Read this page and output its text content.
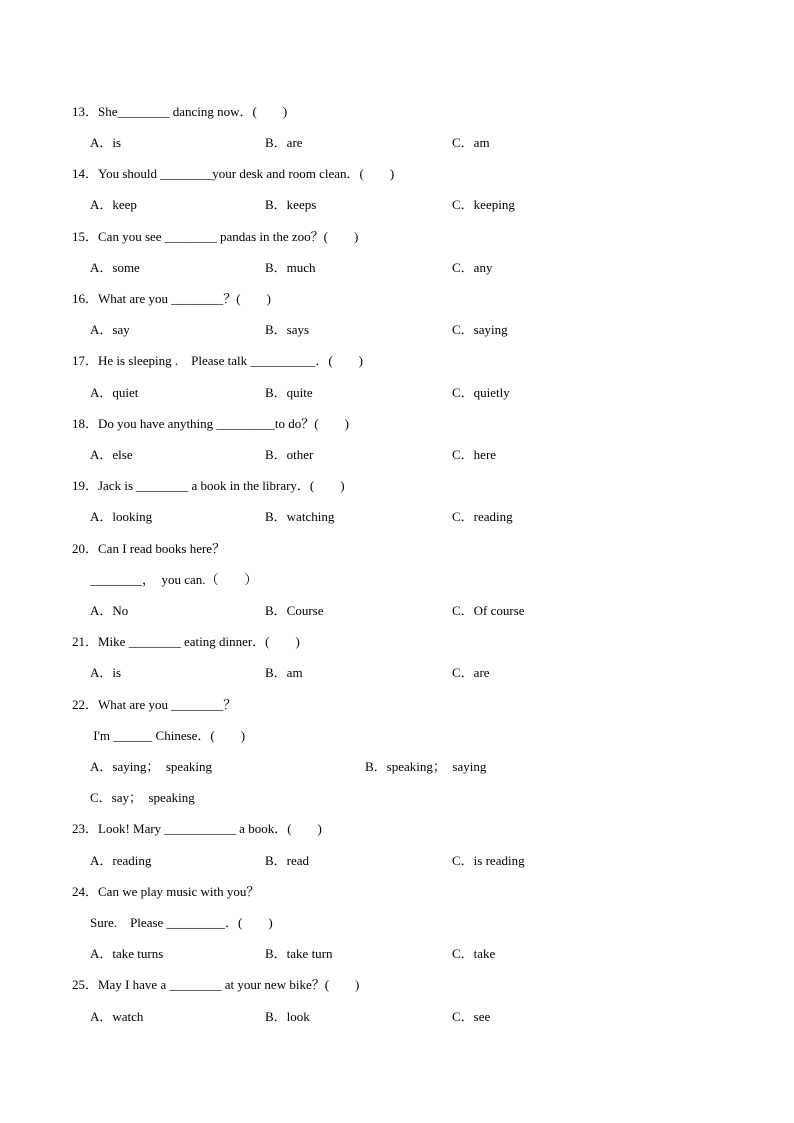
13．She________ dancing now．(　　)
A．is	B．are	C．am
14．You should ________your desk and room clean．(　　)
A．keep	B．keeps	C．keeping
15．Can you see ________ pandas in the zoo？(　　)
A．some	B．much	C．any
16．What are you ________？(　　)
A．say	B．says	C．saying
17．He is sleeping .　Please talk __________．(　　)
A．quiet	B．quite	C．quietly
18．Do you have anything _________to do？(　　)
A．else	B．other	C．here
19．Jack is ________ a book in the library．(　　)
A．looking	B．watching	C．reading
20．Can I read books here？
________，　you can.（　　）
A．No	B．Course	C．Of course
21．Mike ________ eating dinner．(　　)
A．is	B．am	C．are
22．What are you ________？
I'm ______ Chinese．(　　)
A．saying；　speaking	B．speaking；　saying
C．say；　speaking
23．Look! Mary ___________ a book．(　　)
A．reading	B．read	C．is reading
24．Can we play music with you？
Sure.　Please _________．(　　)
A．take turns	B．take turn	C．take
25．May I have a ________ at your new bike？(　　)
A．watch	B．look	C．see
